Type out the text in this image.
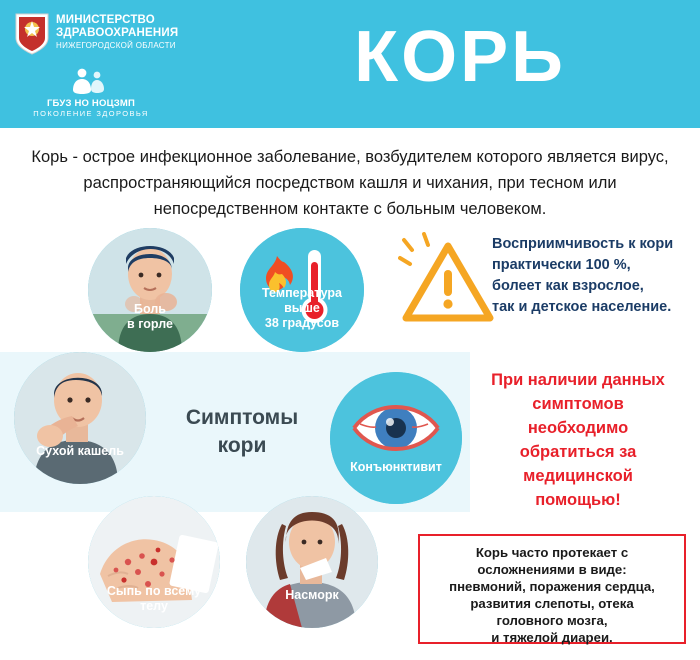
МИНИСТЕРСТВО
ЗДРАВООХРАНЕНИЯ
НИЖЕГОРОДСКОЙ ОБЛАСТИ
ГБУЗ НО НОЦЗМП
ПОКОЛЕНИЕ ЗДОРОВЬЯ
КОРЬ
Корь - острое инфекционное заболевание, возбудителем которого является вирус, распространяющийся посредством кашля и чихания, при тесном или непосредственном контакте с больным человеком.
Боль
в горле
Температура
выше
38 градусов
Сухой кашель
Конъюнктивит
Сыпь по всему
телу
Насморк
Симптомы
кори
Восприимчивость к кори
практически 100 %,
болеет как взрослое,
так и детское население.
При наличии данных
симптомов
необходимо
обратиться за
медицинской
помощью!
Корь часто протекает с
осложнениями в виде:
пневмоний, поражения сердца,
развития слепоты, отека
головного мозга,
и тяжелой диареи.
